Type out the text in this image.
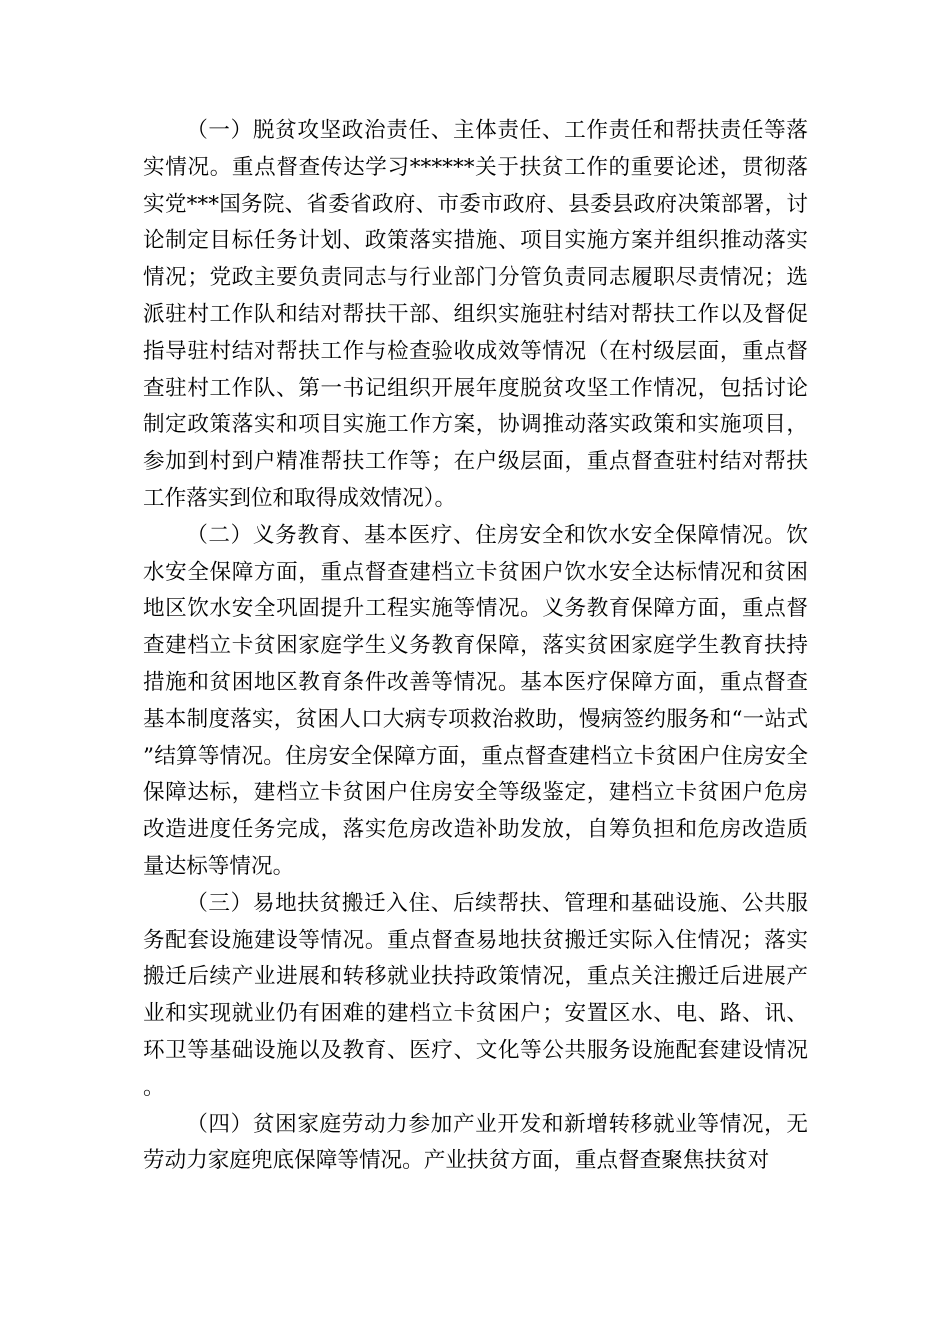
（一）脱贫攻坚政治责任、主体责任、工作责任和帮扶责任等落实情况。重点督查传达学习******关于扶贫工作的重要论述，贯彻落实党***国务院、省委省政府、市委市政府、县委县政府决策部署，讨论制定目标任务计划、政策落实措施、项目实施方案并组织推动落实情况；党政主要负责同志与行业部门分管负责同志履职尽责情况；选派驻村工作队和结对帮扶干部、组织实施驻村结对帮扶工作以及督促指导驻村结对帮扶工作与检查验收成效等情况（在村级层面，重点督查驻村工作队、第一书记组织开展年度脱贫攻坚工作情况，包括讨论制定政策落实和项目实施工作方案，协调推动落实政策和实施项目，参加到村到户精准帮扶工作等；在户级层面，重点督查驻村结对帮扶工作落实到位和取得成效情况）。

（二）义务教育、基本医疗、住房安全和饮水安全保障情况。饮水安全保障方面，重点督查建档立卡贫困户饮水安全达标情况和贫困地区饮水安全巩固提升工程实施等情况。义务教育保障方面，重点督查建档立卡贫困家庭学生义务教育保障，落实贫困家庭学生教育扶持措施和贫困地区教育条件改善等情况。基本医疗保障方面，重点督查基本制度落实，贫困人口大病专项救治救助，慢病签约服务和“一站式”结算等情况。住房安全保障方面，重点督查建档立卡贫困户住房安全保障达标，建档立卡贫困户住房安全等级鉴定，建档立卡贫困户危房改造进度任务完成，落实危房改造补助发放，自筹负担和危房改造质量达标等情况。

（三）易地扶贫搬迁入住、后续帮扶、管理和基础设施、公共服务配套设施建设等情况。重点督查易地扶贫搬迁实际入住情况；落实搬迁后续产业进展和转移就业扶持政策情况，重点关注搬迁后进展产业和实现就业仍有困难的建档立卡贫困户；安置区水、电、路、讯、环卫等基础设施以及教育、医疗、文化等公共服务设施配套建设情况。

（四）贫困家庭劳动力参加产业开发和新增转移就业等情况，无劳动力家庭兜底保障等情况。产业扶贫方面，重点督查聚焦扶贫对
